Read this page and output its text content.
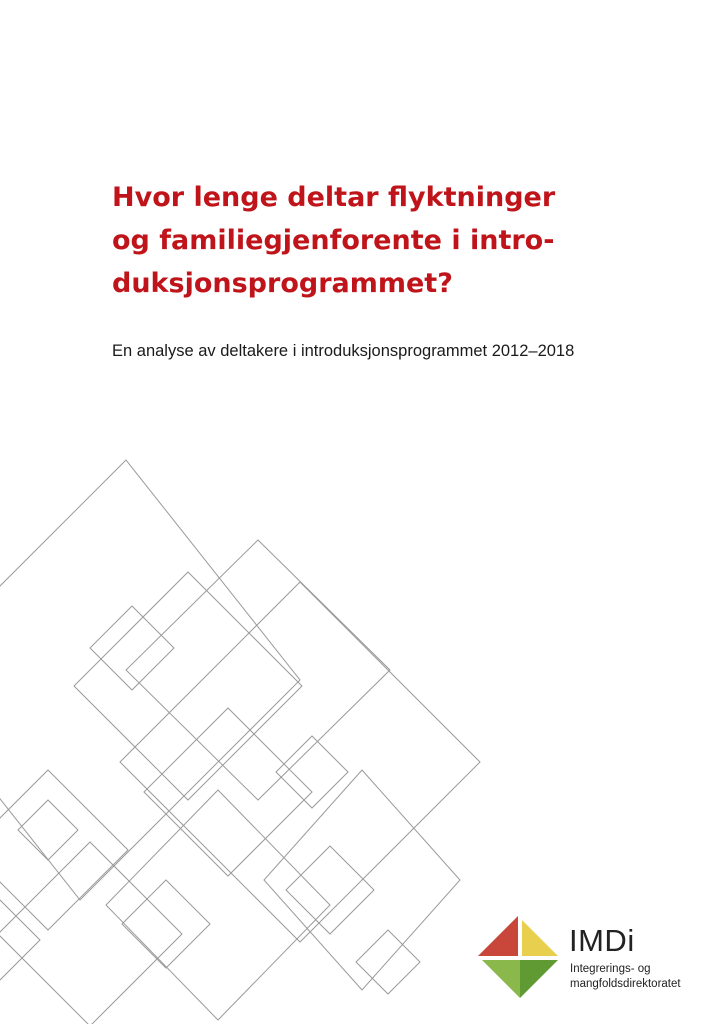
Hvor lenge deltar flyktninger
og familiegjenforente i intro-
duksjonsprogrammet?

En analyse av deltakere i introduksjonsprogrammet 2012–2018

IMDi
Integrerings- og
mangfoldsdirektoratet
